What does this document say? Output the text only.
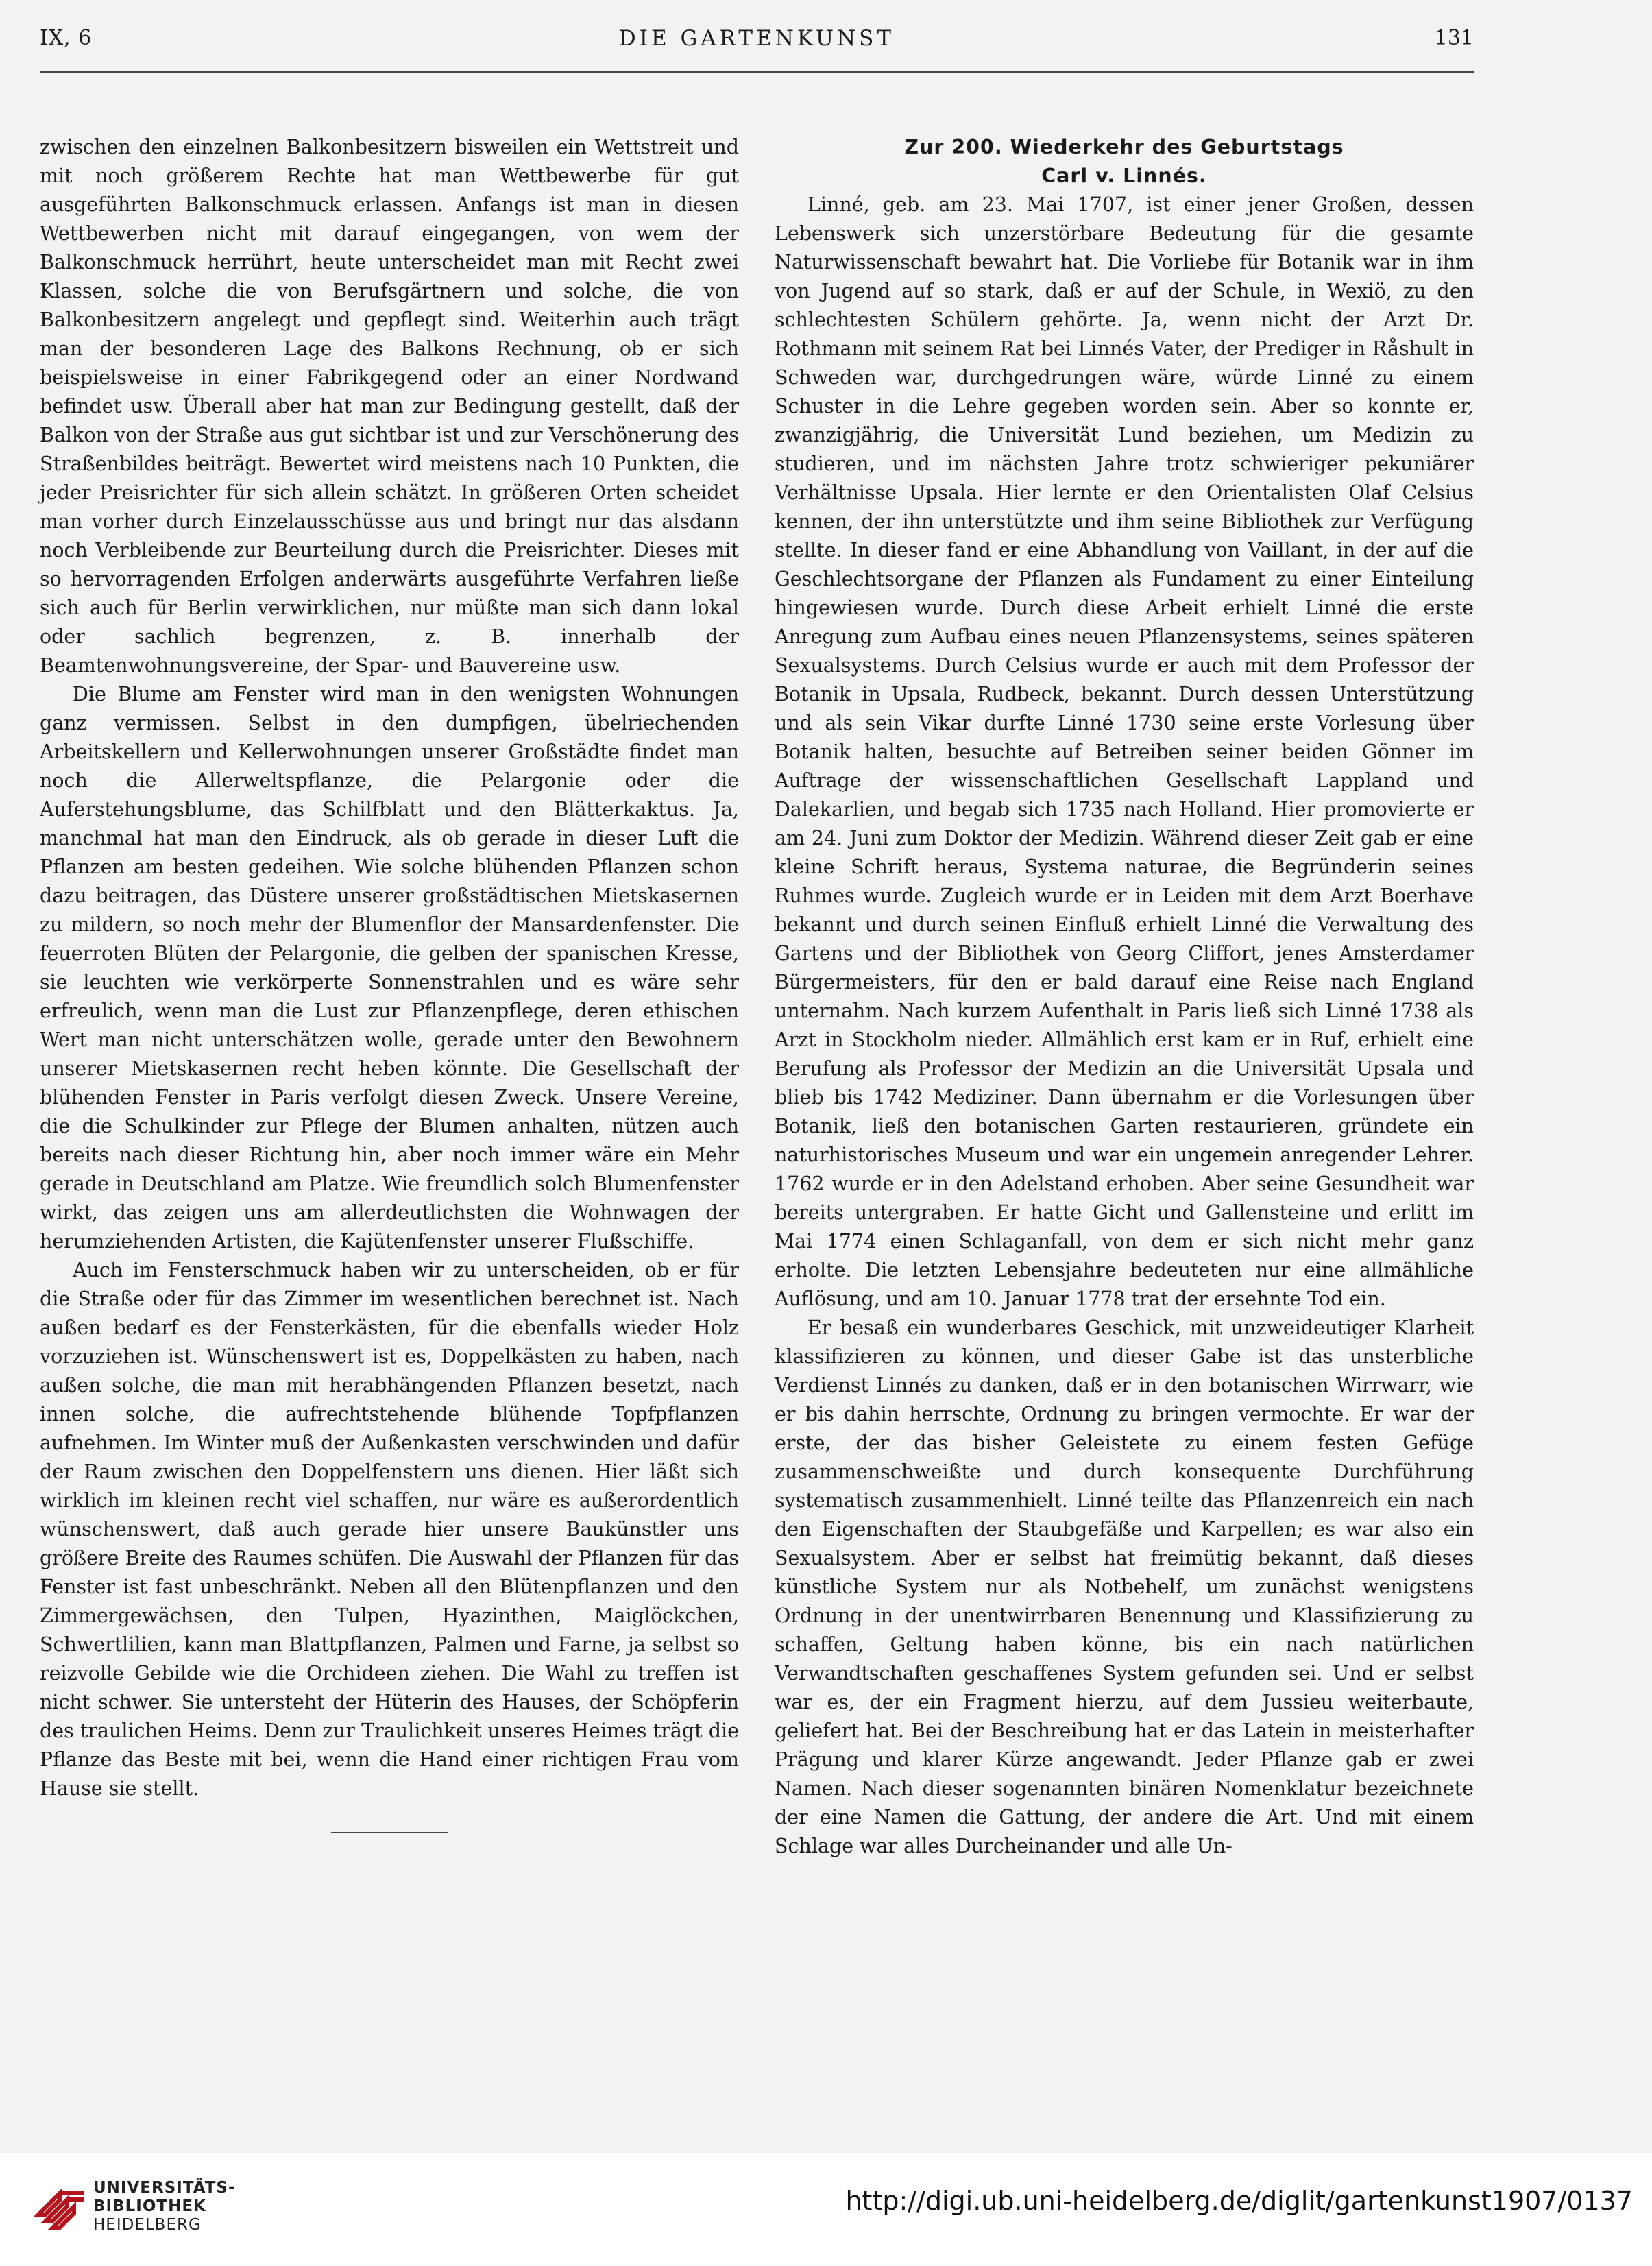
IX, 6	DIE GARTENKUNST	131

zwischen den einzelnen Balkonbesitzern bisweilen ein Wettstreit und mit noch größerem Rechte hat man Wettbewerbe für gut ausgeführten Balkonschmuck erlassen. Anfangs ist man in diesen Wettbewerben nicht mit darauf eingegangen, von wem der Balkonschmuck herrührt, heute unterscheidet man mit Recht zwei Klassen, solche die von Berufsgärtnern und solche, die von Balkonbesitzern angelegt und gepflegt sind. Weiterhin auch trägt man der besonderen Lage des Balkons Rechnung, ob er sich beispielsweise in einer Fabrikgegend oder an einer Nordwand befindet usw. Überall aber hat man zur Bedingung gestellt, daß der Balkon von der Straße aus gut sichtbar ist und zur Verschönerung des Straßenbildes beiträgt. Bewertet wird meistens nach 10 Punkten, die jeder Preisrichter für sich allein schätzt. In größeren Orten scheidet man vorher durch Einzelausschüsse aus und bringt nur das alsdann noch Verbleibende zur Beurteilung durch die Preisrichter. Dieses mit so hervorragenden Erfolgen anderwärts ausgeführte Verfahren ließe sich auch für Berlin verwirklichen, nur müßte man sich dann lokal oder sachlich begrenzen, z. B. innerhalb der Beamtenwohnungsvereine, der Spar- und Bauvereine usw.

Die Blume am Fenster wird man in den wenigsten Wohnungen ganz vermissen. Selbst in den dumpfigen, übelriechenden Arbeitskellern und Kellerwohnungen unserer Großstädte findet man noch die Allerweltspflanze, die Pelargonie oder die Auferstehungsblume, das Schilfblatt und den Blätterkaktus. Ja, manchmal hat man den Eindruck, als ob gerade in dieser Luft die Pflanzen am besten gedeihen. Wie solche blühenden Pflanzen schon dazu beitragen, das Düstere unserer großstädtischen Mietskasernen zu mildern, so noch mehr der Blumenflor der Mansardenfenster. Die feuerroten Blüten der Pelargonie, die gelben der spanischen Kresse, sie leuchten wie verkörperte Sonnenstrahlen und es wäre sehr erfreulich, wenn man die Lust zur Pflanzenpflege, deren ethischen Wert man nicht unterschätzen wolle, gerade unter den Bewohnern unserer Mietskasernen recht heben könnte. Die Gesellschaft der blühenden Fenster in Paris verfolgt diesen Zweck. Unsere Vereine, die die Schulkinder zur Pflege der Blumen anhalten, nützen auch bereits nach dieser Richtung hin, aber noch immer wäre ein Mehr gerade in Deutschland am Platze. Wie freundlich solch Blumenfenster wirkt, das zeigen uns am allerdeutlichsten die Wohnwagen der herumziehenden Artisten, die Kajütenfenster unserer Flußschiffe.

Auch im Fensterschmuck haben wir zu unterscheiden, ob er für die Straße oder für das Zimmer im wesentlichen berechnet ist. Nach außen bedarf es der Fensterkästen, für die ebenfalls wieder Holz vorzuziehen ist. Wünschenswert ist es, Doppelkästen zu haben, nach außen solche, die man mit herabhängenden Pflanzen besetzt, nach innen solche, die aufrechtstehende blühende Topfpflanzen aufnehmen. Im Winter muß der Außenkasten verschwinden und dafür der Raum zwischen den Doppelfenstern uns dienen. Hier läßt sich wirklich im kleinen recht viel schaffen, nur wäre es außerordentlich wünschenswert, daß auch gerade hier unsere Baukünstler uns größere Breite des Raumes schüfen. Die Auswahl der Pflanzen für das Fenster ist fast unbeschränkt. Neben all den Blütenpflanzen und den Zimmergewächsen, den Tulpen, Hyazinthen, Maiglöckchen, Schwertlilien, kann man Blattpflanzen, Palmen und Farne, ja selbst so reizvolle Gebilde wie die Orchideen ziehen. Die Wahl zu treffen ist nicht schwer. Sie untersteht der Hüterin des Hauses, der Schöpferin des traulichen Heims. Denn zur Traulichkeit unseres Heimes trägt die Pflanze das Beste mit bei, wenn die Hand einer richtigen Frau vom Hause sie stellt.

Zur 200. Wiederkehr des Geburtstags
Carl v. Linnés.

Linné, geb. am 23. Mai 1707, ist einer jener Großen, dessen Lebenswerk sich unzerstörbare Bedeutung für die gesamte Naturwissenschaft bewahrt hat. Die Vorliebe für Botanik war in ihm von Jugend auf so stark, daß er auf der Schule, in Wexiö, zu den schlechtesten Schülern gehörte. Ja, wenn nicht der Arzt Dr. Rothmann mit seinem Rat bei Linnés Vater, der Prediger in Råshult in Schweden war, durchgedrungen wäre, würde Linné zu einem Schuster in die Lehre gegeben worden sein. Aber so konnte er, zwanzigjährig, die Universität Lund beziehen, um Medizin zu studieren, und im nächsten Jahre trotz schwieriger pekuniärer Verhältnisse Upsala. Hier lernte er den Orientalisten Olaf Celsius kennen, der ihn unterstützte und ihm seine Bibliothek zur Verfügung stellte. In dieser fand er eine Abhandlung von Vaillant, in der auf die Geschlechtsorgane der Pflanzen als Fundament zu einer Einteilung hingewiesen wurde. Durch diese Arbeit erhielt Linné die erste Anregung zum Aufbau eines neuen Pflanzensystems, seines späteren Sexualsystems. Durch Celsius wurde er auch mit dem Professor der Botanik in Upsala, Rudbeck, bekannt. Durch dessen Unterstützung und als sein Vikar durfte Linné 1730 seine erste Vorlesung über Botanik halten, besuchte auf Betreiben seiner beiden Gönner im Auftrage der wissenschaftlichen Gesellschaft Lappland und Dalekarlien, und begab sich 1735 nach Holland. Hier promovierte er am 24. Juni zum Doktor der Medizin. Während dieser Zeit gab er eine kleine Schrift heraus, Systema naturae, die Begründerin seines Ruhmes wurde. Zugleich wurde er in Leiden mit dem Arzt Boerhave bekannt und durch seinen Einfluß erhielt Linné die Verwaltung des Gartens und der Bibliothek von Georg Cliffort, jenes Amsterdamer Bürgermeisters, für den er bald darauf eine Reise nach England unternahm. Nach kurzem Aufenthalt in Paris ließ sich Linné 1738 als Arzt in Stockholm nieder. Allmählich erst kam er in Ruf, erhielt eine Berufung als Professor der Medizin an die Universität Upsala und blieb bis 1742 Mediziner. Dann übernahm er die Vorlesungen über Botanik, ließ den botanischen Garten restaurieren, gründete ein naturhistorisches Museum und war ein ungemein anregender Lehrer. 1762 wurde er in den Adelstand erhoben. Aber seine Gesundheit war bereits untergraben. Er hatte Gicht und Gallensteine und erlitt im Mai 1774 einen Schlaganfall, von dem er sich nicht mehr ganz erholte. Die letzten Lebensjahre bedeuteten nur eine allmähliche Auflösung, und am 10. Januar 1778 trat der ersehnte Tod ein.

Er besaß ein wunderbares Geschick, mit unzweideutiger Klarheit klassifizieren zu können, und dieser Gabe ist das unsterbliche Verdienst Linnés zu danken, daß er in den botanischen Wirrwarr, wie er bis dahin herrschte, Ordnung zu bringen vermochte. Er war der erste, der das bisher Geleistete zu einem festen Gefüge zusammenschweißte und durch konsequente Durchführung systematisch zusammenhielt. Linné teilte das Pflanzenreich ein nach den Eigenschaften der Staubgefäße und Karpellen; es war also ein Sexualsystem. Aber er selbst hat freimütig bekannt, daß dieses künstliche System nur als Notbehelf, um zunächst wenigstens Ordnung in der unentwirrbaren Benennung und Klassifizierung zu schaffen, Geltung haben könne, bis ein nach natürlichen Verwandtschaften geschaffenes System gefunden sei. Und er selbst war es, der ein Fragment hierzu, auf dem Jussieu weiterbaute, geliefert hat. Bei der Beschreibung hat er das Latein in meisterhafter Prägung und klarer Kürze angewandt. Jeder Pflanze gab er zwei Namen. Nach dieser sogenannten binären Nomenklatur bezeichnete der eine Namen die Gattung, der andere die Art. Und mit einem Schlage war alles Durcheinander und alle Un-

UNIVERSITÄTS-
BIBLIOTHEK
HEIDELBERG
http://digi.ub.uni-heidelberg.de/diglit/gartenkunst1907/0137
